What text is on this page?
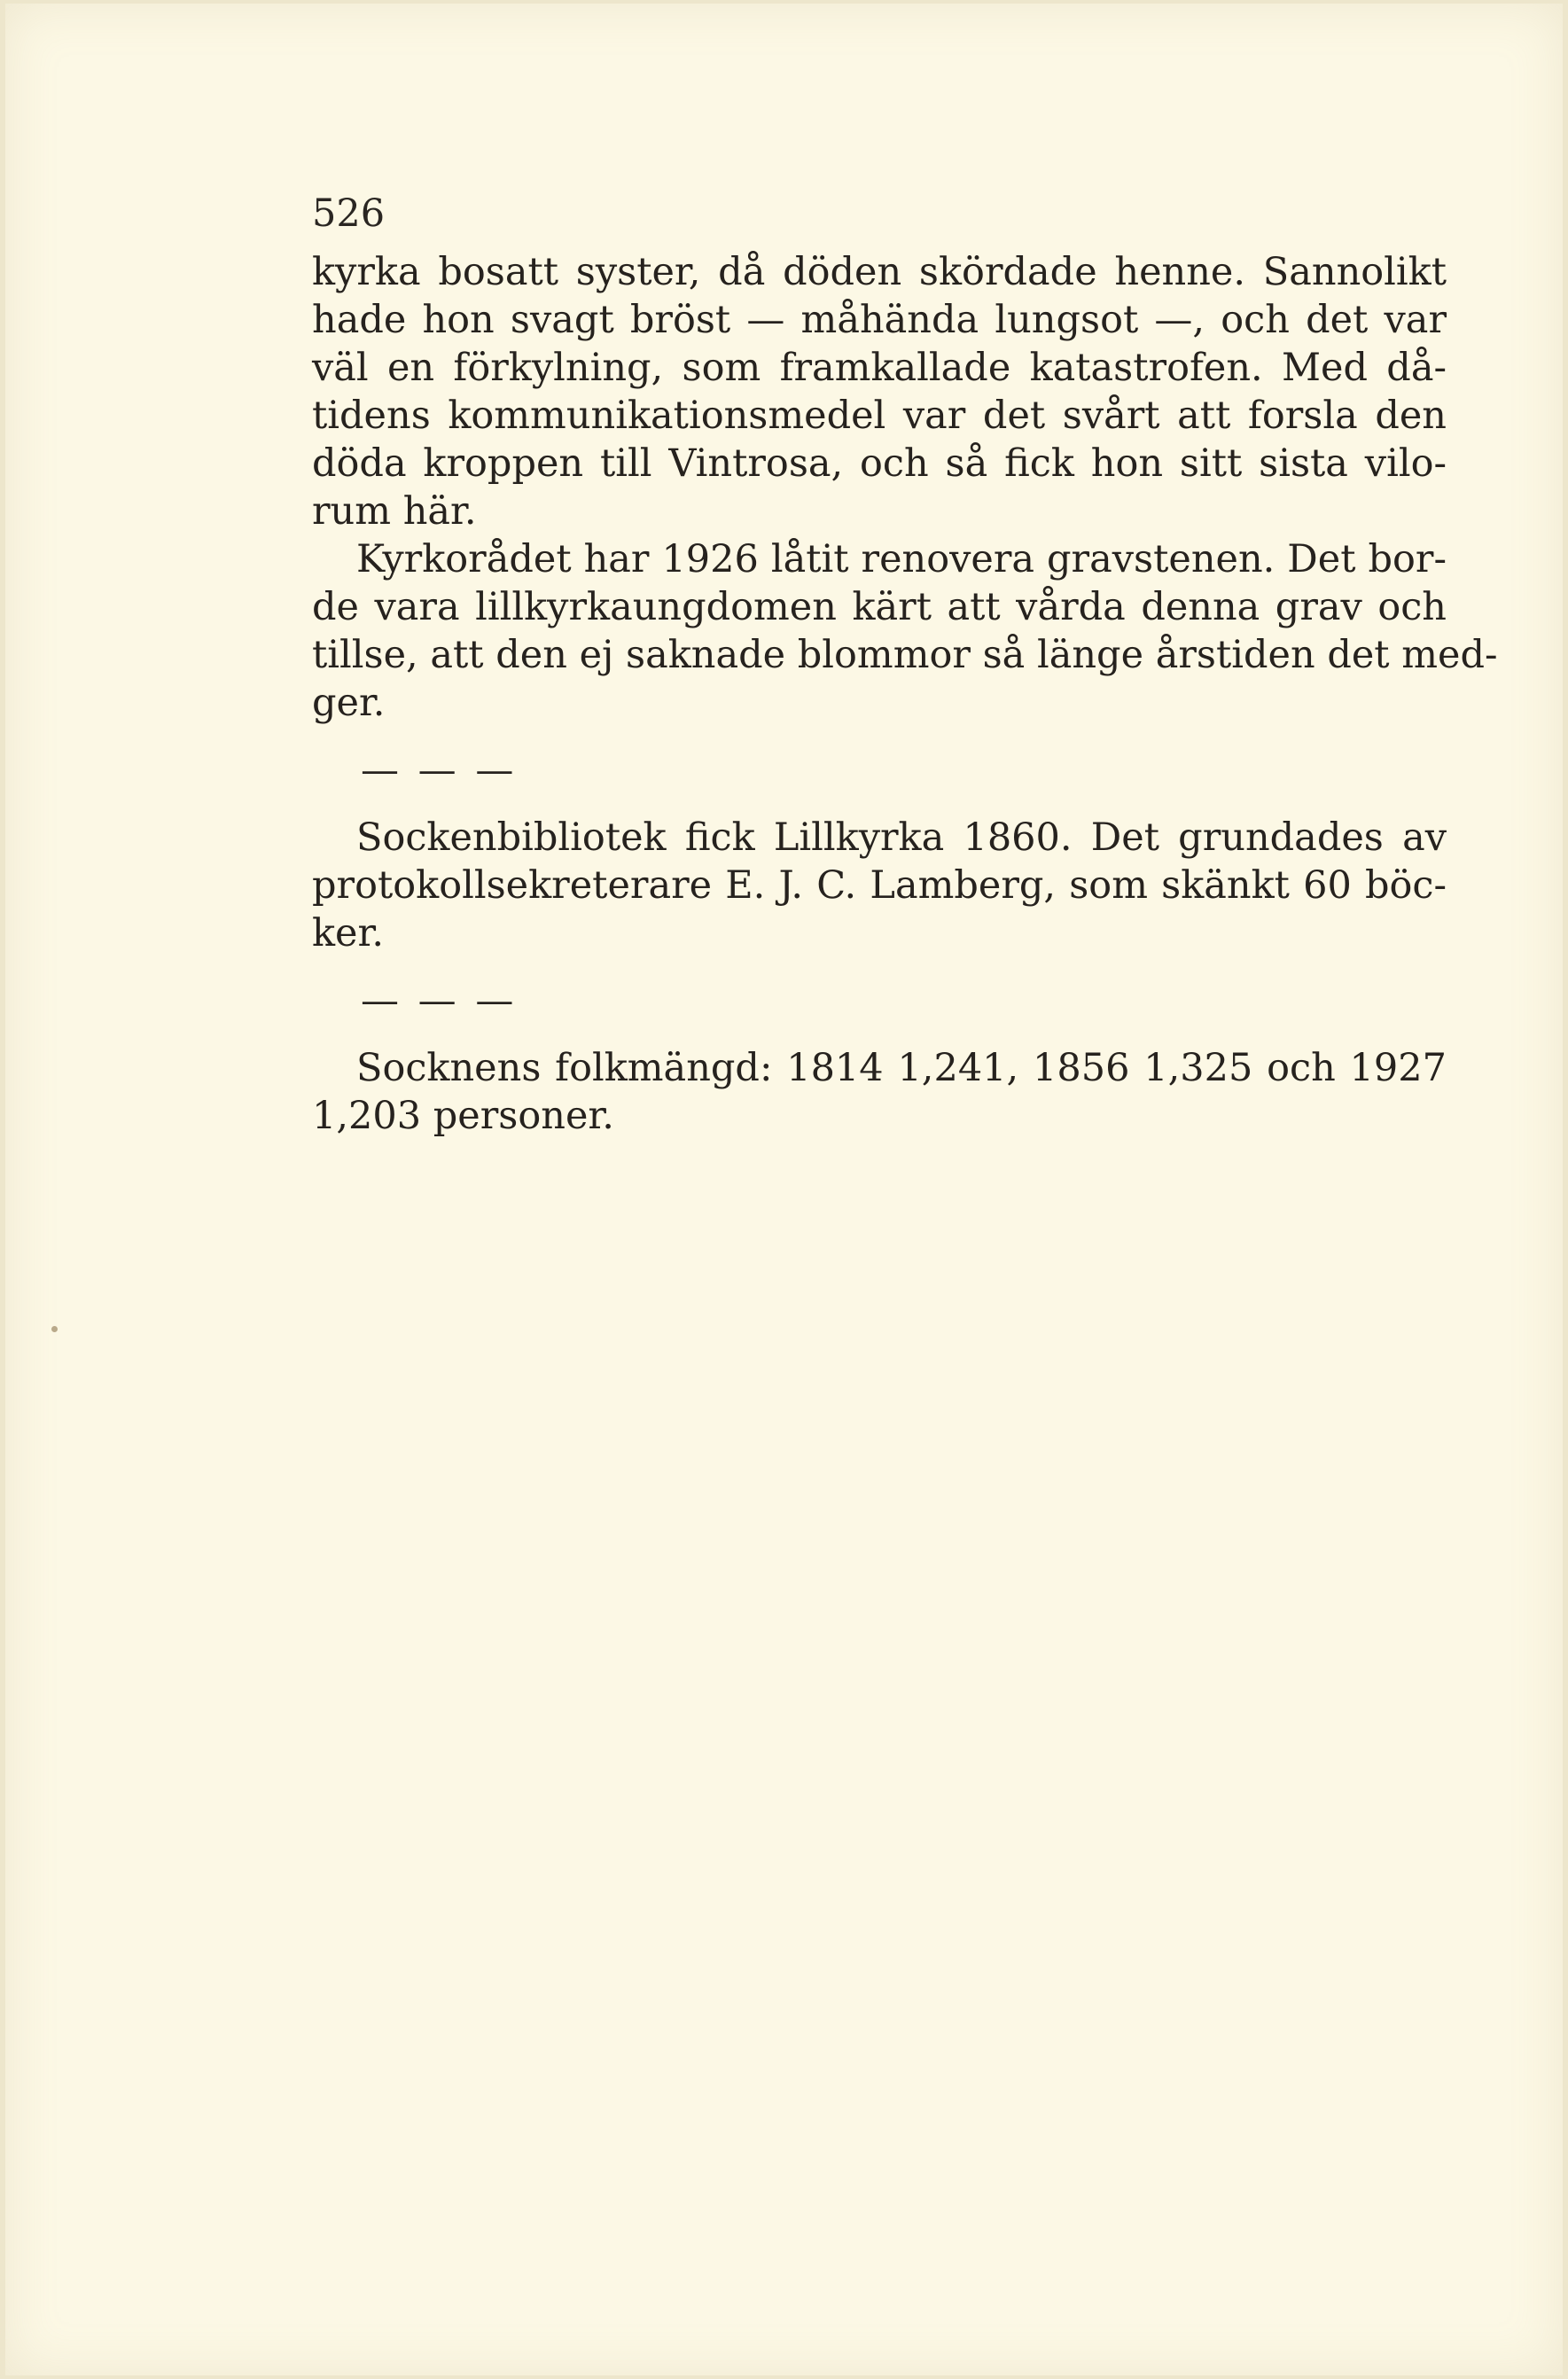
526

kyrka bosatt syster, då döden skördade henne. Sannolikt
hade hon svagt bröst — måhända lungsot —, och det var
väl en förkylning, som framkallade katastrofen. Med då-
tidens kommunikationsmedel var det svårt att forsla den
döda kroppen till Vintrosa, och så fick hon sitt sista vilo-
rum här.
Kyrkorådet har 1926 låtit renovera gravstenen. Det bor-
de vara lillkyrkaungdomen kärt att vårda denna grav och
tillse, att den ej saknade blommor så länge årstiden det med-
ger.
— — —
Sockenbibliotek fick Lillkyrka 1860. Det grundades av
protokollsekreterare E. J. C. Lamberg, som skänkt 60 böc-
ker.
— — —
Socknens folkmängd: 1814 1,241, 1856 1,325 och 1927
1,203 personer.
